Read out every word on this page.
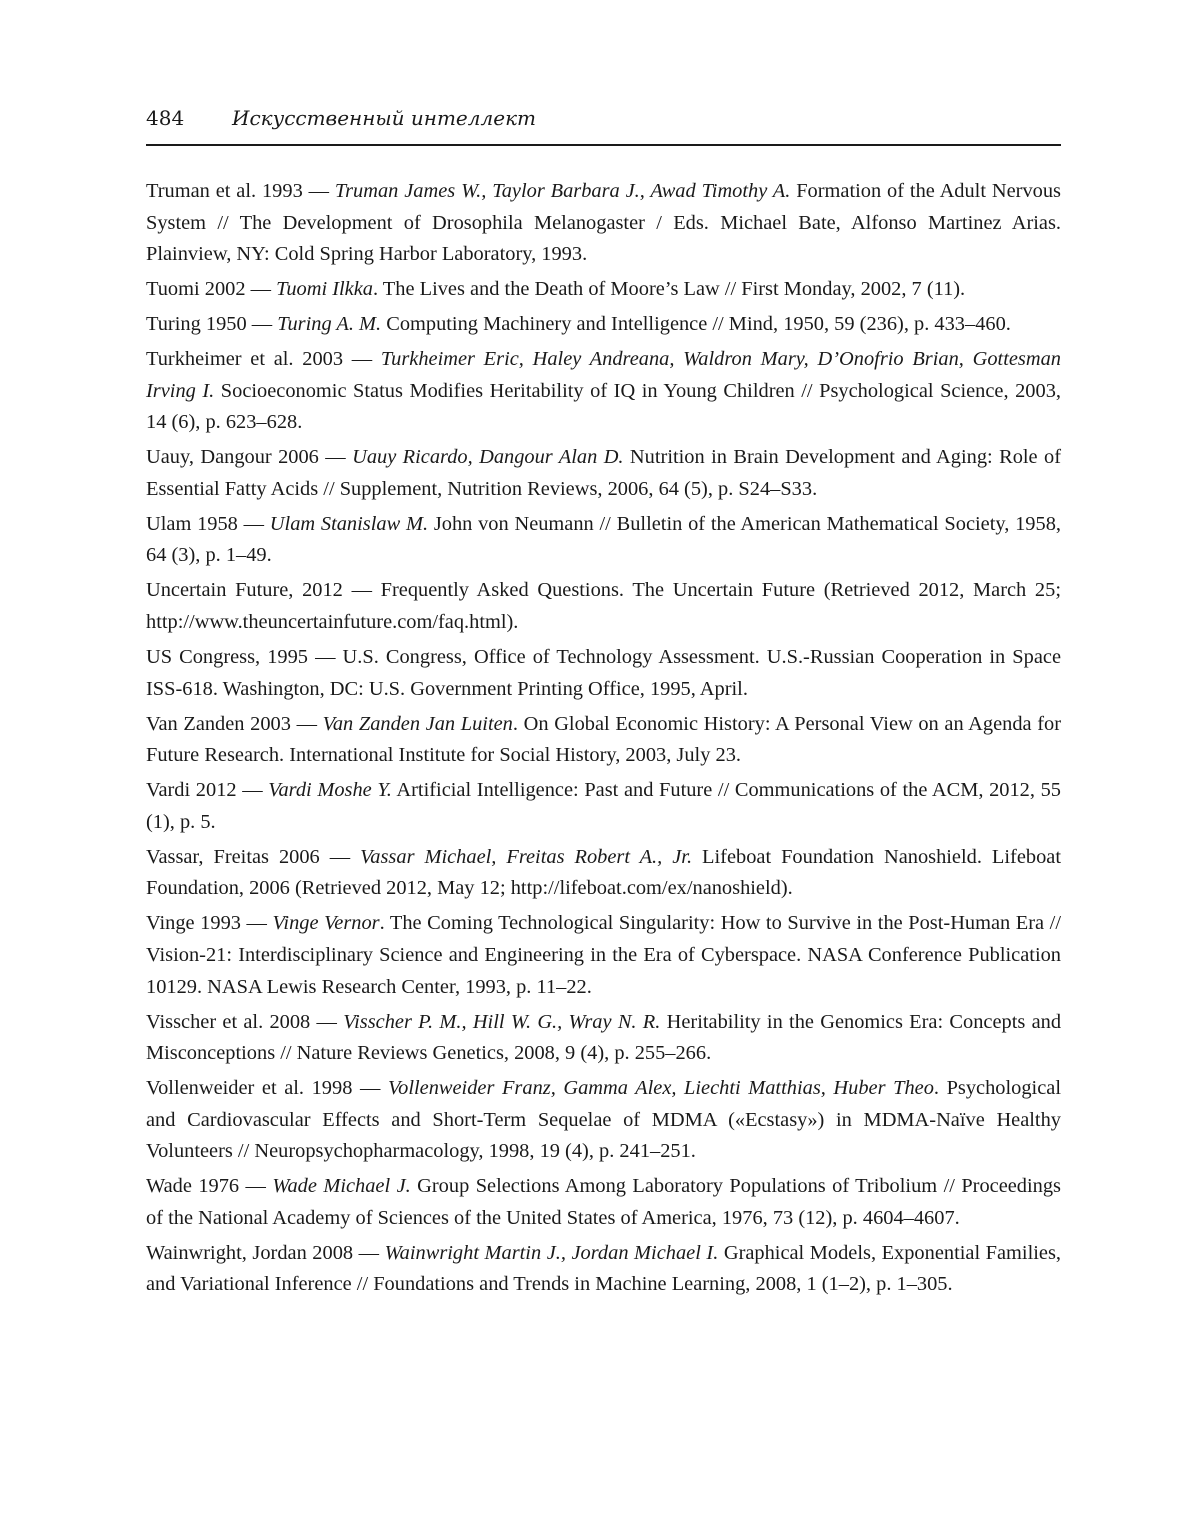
484 Искусственный интеллект

Truman et al. 1993 — Truman James W., Taylor Barbara J., Awad Timothy A. Formation of the Adult Nervous System // The Development of Drosophila Melanogaster / Eds. Michael Bate, Alfonso Martinez Arias. Plainview, NY: Cold Spring Harbor Laboratory, 1993.

Tuomi 2002 — Tuomi Ilkka. The Lives and the Death of Moore’s Law // First Monday, 2002, 7 (11).

Turing 1950 — Turing A. M. Computing Machinery and Intelligence // Mind, 1950, 59 (236), p. 433–460.

Turkheimer et al. 2003 — Turkheimer Eric, Haley Andreana, Waldron Mary, D’Onofrio Brian, Gottesman Irving I. Socioeconomic Status Modifies Heritability of IQ in Young Children // Psychological Science, 2003, 14 (6), p. 623–628.

Uauy, Dangour 2006 — Uauy Ricardo, Dangour Alan D. Nutrition in Brain Development and Aging: Role of Essential Fatty Acids // Supplement, Nutrition Reviews, 2006, 64 (5), p. S24–S33.

Ulam 1958 — Ulam Stanislaw M. John von Neumann // Bulletin of the American Mathematical Society, 1958, 64 (3), p. 1–49.

Uncertain Future, 2012 — Frequently Asked Questions. The Uncertain Future (Retrieved 2012, March 25; http://www.theuncertainfuture.com/faq.html).

US Congress, 1995 — U.S. Congress, Office of Technology Assessment. U.S.-Russian Cooperation in Space ISS-618. Washington, DC: U.S. Government Printing Office, 1995, April.

Van Zanden 2003 — Van Zanden Jan Luiten. On Global Economic History: A Personal View on an Agenda for Future Research. International Institute for Social History, 2003, July 23.

Vardi 2012 — Vardi Moshe Y. Artificial Intelligence: Past and Future // Communications of the ACM, 2012, 55 (1), p. 5.

Vassar, Freitas 2006 — Vassar Michael, Freitas Robert A., Jr. Lifeboat Foundation Nanoshield. Lifeboat Foundation, 2006 (Retrieved 2012, May 12; http://lifeboat.com/ex/nanoshield).

Vinge 1993 — Vinge Vernor. The Coming Technological Singularity: How to Survive in the Post-Human Era // Vision-21: Interdisciplinary Science and Engineering in the Era of Cyberspace. NASA Conference Publication 10129. NASA Lewis Research Center, 1993, p. 11–22.

Visscher et al. 2008 — Visscher P. M., Hill W. G., Wray N. R. Heritability in the Genomics Era: Concepts and Misconceptions // Nature Reviews Genetics, 2008, 9 (4), p. 255–266.

Vollenweider et al. 1998 — Vollenweider Franz, Gamma Alex, Liechti Matthias, Huber Theo. Psychological and Cardiovascular Effects and Short-Term Sequelae of MDMA («Ecstasy») in MDMA-Naïve Healthy Volunteers // Neuropsychopharmacology, 1998, 19 (4), p. 241–251.

Wade 1976 — Wade Michael J. Group Selections Among Laboratory Populations of Tribolium // Proceedings of the National Academy of Sciences of the United States of America, 1976, 73 (12), p. 4604–4607.

Wainwright, Jordan 2008 — Wainwright Martin J., Jordan Michael I. Graphical Models, Exponential Families, and Variational Inference // Foundations and Trends in Machine Learning, 2008, 1 (1–2), p. 1–305.
